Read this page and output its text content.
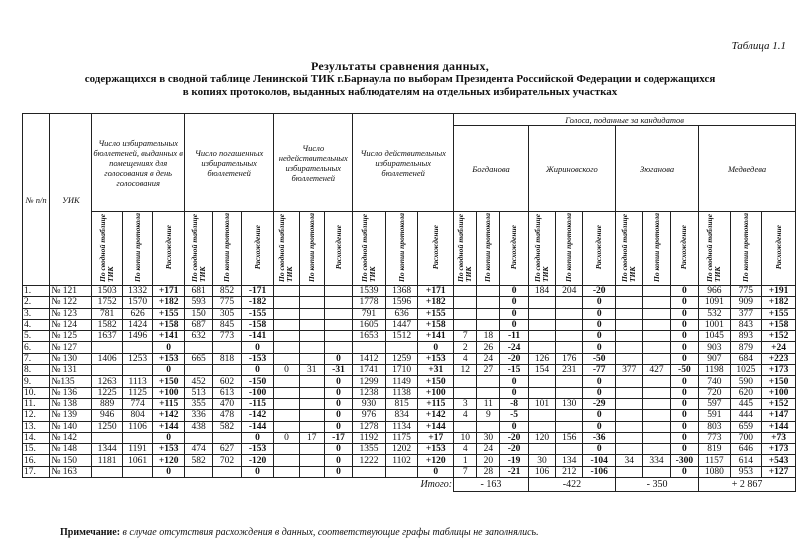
Таблица 1.1
Результаты сравнения данных,
содержащихся в сводной таблице Ленинской ТИК г.Барнаула по выборам Президента Российской Федерации и содержащихся
в копиях протоколов, выданных наблюдателям на отдельных избирательных участках
№ п/п	УИК	Число избирательных бюллетеней, выданных в помещениях для голосования в день голосования			Число погашенных избирательных бюллетеней			Число недействительных избирательных бюллетеней			Число действительных избирательных бюллетеней			Голоса, поданные за кандидатов											
														Богданова			Жириновского			Зюганова			Медведева		
		По сводной таблице ТИК	По копии протокола	Расхождение	По сводной таблице ТИК	По копии протокола	Расхождение	По сводной таблице ТИК	По копии протокола	Расхождение	По сводной таблице ТИК	По копии протокола	Расхождение	По сводной таблице ТИК	По копии протокола	Расхождение	По сводной таблице ТИК	По копии протокола	Расхождение	По сводной таблице ТИК	По копии протокола	Расхождение	По сводной таблице ТИК	По копии протокола	Расхождение
1.	№ 121	1503	1332	+171	681	852	-171				1539	1368	+171			0	184	204	-20			0	966	775	+191
2.	№ 122	1752	1570	+182	593	775	-182				1778	1596	+182			0			0			0	1091	909	+182
3.	№ 123	781	626	+155	150	305	-155				791	636	+155			0			0			0	532	377	+155
4.	№ 124	1582	1424	+158	687	845	-158				1605	1447	+158			0			0			0	1001	843	+158
5.	№ 125	1637	1496	+141	632	773	-141				1653	1512	+141	7	18	-11			0			0	1045	893	+152
6.	№ 127			0			0						0	2	26	-24			0			0	903	879	+24
7.	№ 130	1406	1253	+153	665	818	-153			0	1412	1259	+153	4	24	-20	126	176	-50			0	907	684	+223
8.	№ 131			0			0	0	31	-31	1741	1710	+31	12	27	-15	154	231	-77	377	427	-50	1198	1025	+173
9.	№135	1263	1113	+150	452	602	-150			0	1299	1149	+150			0			0			0	740	590	+150
10.	№ 136	1225	1125	+100	513	613	-100			0	1238	1138	+100			0			0			0	720	620	+100
11.	№ 138	889	774	+115	355	470	-115			0	930	815	+115	3	11	-8	101	130	-29			0	597	445	+152
12.	№ 139	946	804	+142	336	478	-142			0	976	834	+142	4	9	-5			0			0	591	444	+147
13.	№ 140	1250	1106	+144	438	582	-144			0	1278	1134	+144			0			0			0	803	659	+144
14.	№ 142			0			0	0	17	-17	1192	1175	+17	10	30	-20	120	156	-36			0	773	700	+73
15.	№ 148	1344	1191	+153	474	627	-153			0	1355	1202	+153	4	24	-20			0			0	819	646	+173
16.	№ 150	1181	1061	+120	582	702	-120			0	1222	1102	+120	1	20	-19	30	134	-104	34	334	-300	1157	614	+543
17.	№ 163			0			0			0			0	7	28	-21	106	212	-106			0	1080	953	+127
											Итого:			- 163			-422			- 350			+ 2 867		
Примечание: в случае отсутствия расхождения в данных, соответствующие графы таблицы не заполнялись.
